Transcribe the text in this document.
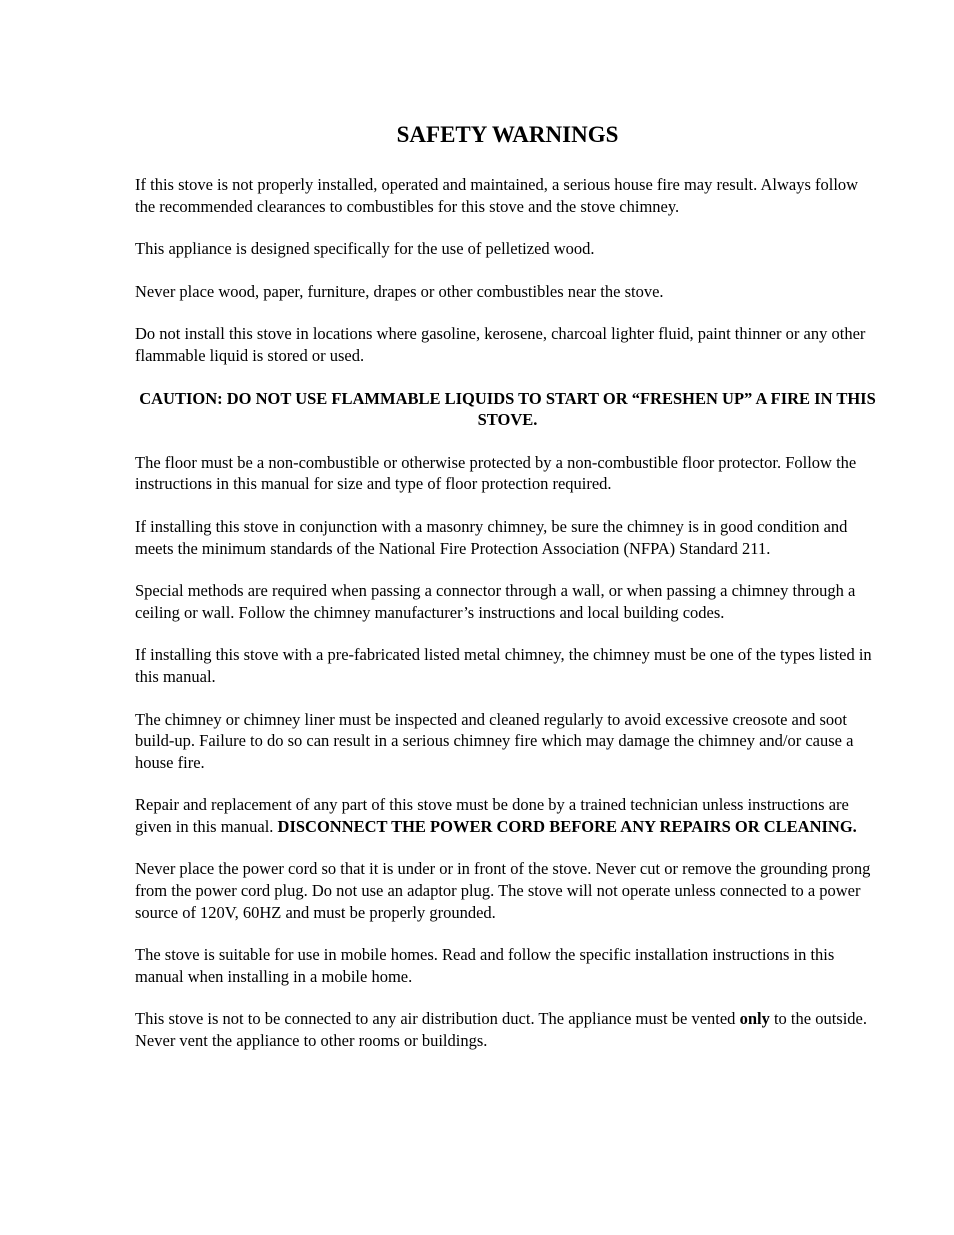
SAFETY WARNINGS

If this stove is not properly installed, operated and maintained, a serious house fire may result. Always follow the recommended clearances to combustibles for this stove and the stove chimney.

This appliance is designed specifically for the use of pelletized wood.

Never place wood, paper, furniture, drapes or other combustibles near the stove.

Do not install this stove in locations where gasoline, kerosene, charcoal lighter fluid, paint thinner or any other flammable liquid is stored or used.

CAUTION: DO NOT USE FLAMMABLE LIQUIDS TO START OR “FRESHEN UP” A FIRE IN THIS STOVE.

The floor must be a non-combustible or otherwise protected by a non-combustible floor protector. Follow the instructions in this manual for size and type of floor protection required.

If installing this stove in conjunction with a masonry chimney, be sure the chimney is in good condition and meets the minimum standards of the National Fire Protection Association (NFPA) Standard 211.

Special methods are required when passing a connector through a wall, or when passing a chimney through a ceiling or wall. Follow the chimney manufacturer’s instructions and local building codes.

If installing this stove with a pre-fabricated listed metal chimney, the chimney must be one of the types listed in this manual.

The chimney or chimney liner must be inspected and cleaned regularly to avoid excessive creosote and soot build-up. Failure to do so can result in a serious chimney fire which may damage the chimney and/or cause a house fire.

Repair and replacement of any part of this stove must be done by a trained technician unless instructions are given in this manual. DISCONNECT THE POWER CORD BEFORE ANY REPAIRS OR CLEANING.

Never place the power cord so that it is under or in front of the stove. Never cut or remove the grounding prong from the power cord plug. Do not use an adaptor plug. The stove will not operate unless connected to a power source of 120V, 60HZ and must be properly grounded.

The stove is suitable for use in mobile homes. Read and follow the specific installation instructions in this manual when installing in a mobile home.

This stove is not to be connected to any air distribution duct. The appliance must be vented only to the outside. Never vent the appliance to other rooms or buildings.
